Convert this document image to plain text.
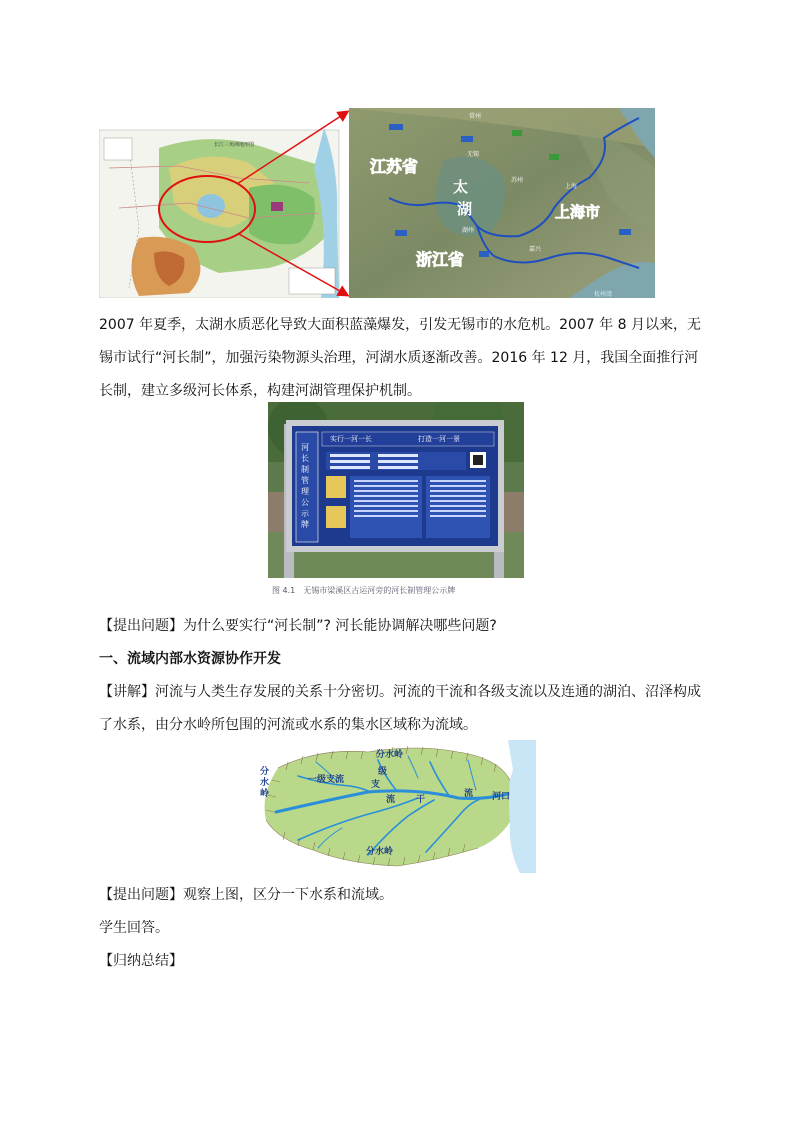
长江三角洲地形图
常州
无锡
苏州
上海
湖州
嘉兴
杭州湾
太
湖
江苏省
浙江省
上海市
2007 年夏季，太湖水质恶化导致大面积蓝藻爆发，引发无锡市的水危机。2007 年 8 月以来，无锡市试行“河长制”，加强污染物源头治理，河湖水质逐渐改善。2016 年 12 月，我国全面推行河长制，建立多级河长体系，构建河湖管理保护机制。
实行一河一长	打造一河一景
河长制管理公示牌
图 4.1　无锡市梁溪区古运河旁的河长制管理公示牌
【提出问题】为什么要实行“河长制”? 河长能协调解决哪些问题?
一、流域内部水资源协作开发
【讲解】河流与人类生存发展的关系十分密切。河流的干流和各级支流以及连通的湖泊、沼泽构成了水系，由分水岭所包围的河流或水系的集水区域称为流域。
分水岭
分水岭
分水岭
一级支流
级
支
流 干
流 河口
【提出问题】观察上图，区分一下水系和流域。
学生回答。
【归纳总结】
